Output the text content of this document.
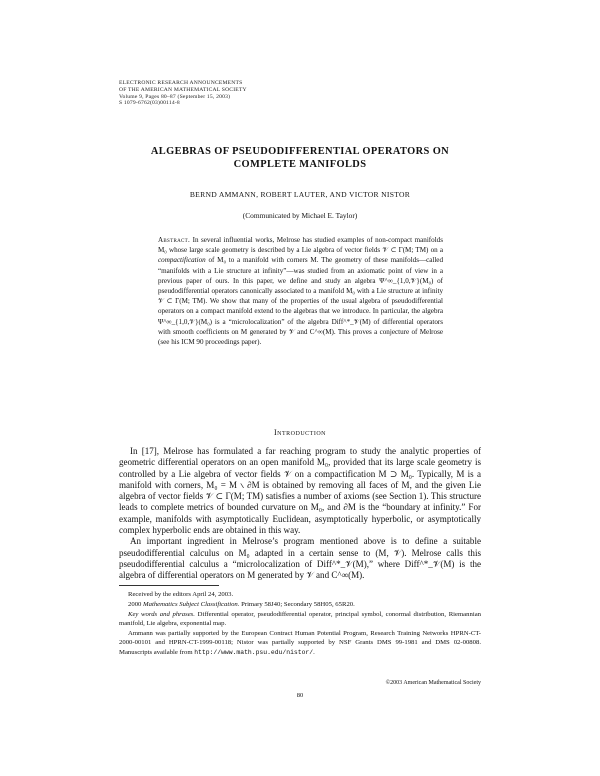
ELECTRONIC RESEARCH ANNOUNCEMENTS
OF THE AMERICAN MATHEMATICAL SOCIETY
Volume 9, Pages 80–87 (September 15, 2003)
S 1079-6762(03)00114-8
ALGEBRAS OF PSEUDODIFFERENTIAL OPERATORS ON
COMPLETE MANIFOLDS
BERND AMMANN, ROBERT LAUTER, AND VICTOR NISTOR
(Communicated by Michael E. Taylor)
Abstract. In several influential works, Melrose has studied examples of non-compact manifolds M₀ whose large scale geometry is described by a Lie algebra of vector fields 𝒱 ⊂ Γ(M; TM) on a compactification of M₀ to a manifold with corners M. The geometry of these manifolds—called “manifolds with a Lie structure at infinity”—was studied from an axiomatic point of view in a previous paper of ours. In this paper, we define and study an algebra Ψ^∞_{1,0,𝒱}(M₀) of pseudodifferential operators canonically associated to a manifold M₀ with a Lie structure at infinity 𝒱 ⊂ Γ(M; TM). We show that many of the properties of the usual algebra of pseudodifferential operators on a compact manifold extend to the algebras that we introduce. In particular, the algebra Ψ^∞_{1,0,𝒱}(M₀) is a “microlocalization” of the algebra Diff^*_𝒱(M) of differential operators with smooth coefficients on M generated by 𝒱 and C^∞(M). This proves a conjecture of Melrose (see his ICM 90 proceedings paper).
Introduction

In [17], Melrose has formulated a far reaching program to study the analytic properties of geometric differential operators on an open manifold M₀, provided that its large scale geometry is controlled by a Lie algebra of vector fields 𝒱 on a compactification M ⊃ M₀. Typically, M is a manifold with corners, M₀ = M ∖ ∂M is obtained by removing all faces of M, and the given Lie algebra of vector fields 𝒱 ⊂ Γ(M; TM) satisfies a number of axioms (see Section 1). This structure leads to complete metrics of bounded curvature on M₀, and ∂M is the “boundary at infinity.” For example, manifolds with asymptotically Euclidean, asymptotically hyperbolic, or asymptotically complex hyperbolic ends are obtained in this way.

An important ingredient in Melrose’s program mentioned above is to define a suitable pseudodifferential calculus on M₀ adapted in a certain sense to (M, 𝒱). Melrose calls this pseudodifferential calculus a “microlocalization of Diff^*_𝒱(M),” where Diff^*_𝒱(M) is the algebra of differential operators on M generated by 𝒱 and C^∞(M).

Received by the editors April 24, 2003.

2000 Mathematics Subject Classification. Primary 58J40; Secondary 58H05, 65R20.

Key words and phrases. Differential operator, pseudodifferential operator, principal symbol, conormal distribution, Riemannian manifold, Lie algebra, exponential map.

Ammann was partially supported by the European Contract Human Potential Program, Research Training Networks HPRN-CT-2000-00101 and HPRN-CT-1999-00118; Nistor was partially supported by NSF Grants DMS 99-1981 and DMS 02-00808. Manuscripts available from http://www.math.psu.edu/nistor/.

©2003 American Mathematical Society
80
